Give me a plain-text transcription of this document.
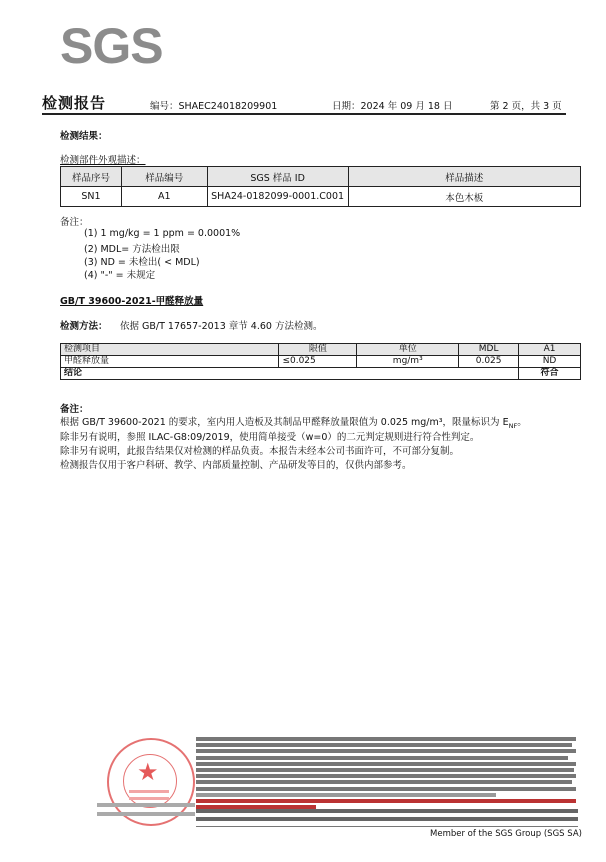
SGS
检测报告	编号：SHAEC24018209901	日期：2024 年 09 月 18 日	第 2 页，共 3 页
检测结果：
检测部件外观描述：
样品序号	样品编号	SGS 样品 ID	样品描述
SN1	A1	SHA24-0182099-0001.C001	本色木板
备注：
(1) 1 mg/kg = 1 ppm = 0.0001%
(2) MDL= 方法检出限
(3) ND = 未检出( < MDL)
(4) "-" = 未规定
GB/T 39600-2021-甲醛释放量
检测方法： 依据 GB/T 17657-2013 章节 4.60 方法检测。
检测项目	限值	单位	MDL	A1
甲醛释放量	≤0.025	mg/m³	0.025	ND
结论				符合
备注：
根据 GB/T 39600-2021 的要求，室内用人造板及其制品甲醛释放量限值为 0.025 mg/m³，限量标识为 $E_{NF}$。
除非另有说明，参照 ILAC-G8:09/2019，使用简单接受（w=0）的二元判定规则进行符合性判定。
除非另有说明，此报告结果仅对检测的样品负责。本报告未经本公司书面许可，不可部分复制。
检测报告仅用于客户科研、教学、内部质量控制、产品研发等目的，仅供内部参考。
★
Member of the SGS Group (SGS SA)
